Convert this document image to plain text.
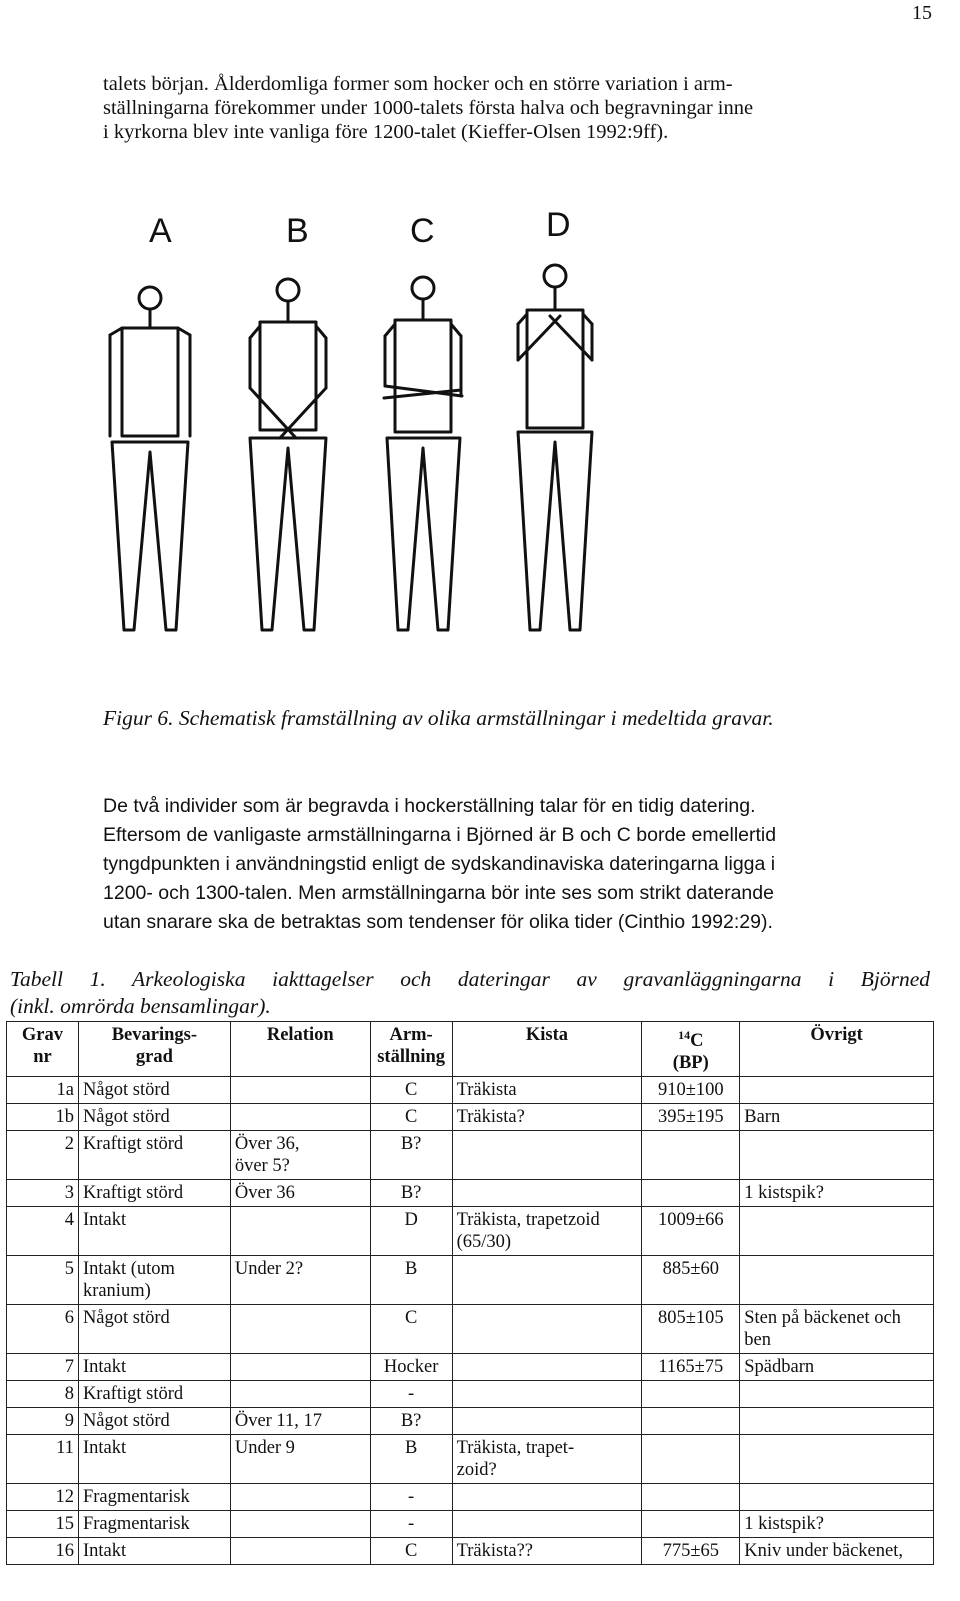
15
talets början. Ålderdomliga former som hocker och en större variation i arm-
ställningarna förekommer under 1000-talets första halva och begravningar inne
i kyrkorna blev inte vanliga före 1200-talet (Kieffer-Olsen 1992:9ff).
A	B	C	D
Figur 6. Schematisk framställning av olika armställningar i medeltida gravar.
De två individer som är begravda i hockerställning talar för en tidig datering.
Eftersom de vanligaste armställningarna i Björned är B och C borde emellertid
tyngdpunkten i användningstid enligt de sydskandinaviska dateringarna ligga i
1200- och 1300-talen. Men armställningarna bör inte ses som strikt daterande
utan snarare ska de betraktas som tendenser för olika tider (Cinthio 1992:29).
Tabell 1. Arkeologiska iakttagelser och dateringar av gravanläggningarna i Björned
(inkl. omrörda bensamlingar).
Grav
nr	Bevarings-
grad	Relation	Arm-
ställning	Kista	$^{14}$C
(BP)	Övrigt
1a	Något störd		C	Träkista	910±100	
1b	Något störd		C	Träkista?	395±195	Barn
2	Kraftigt störd	Över 36,
över 5?	B?			
3	Kraftigt störd	Över 36	B?			1 kistspik?
4	Intakt		D	Träkista, trapetzoid
(65/30)	1009±66	
5	Intakt (utom
kranium)	Under 2?	B		885±60	
6	Något störd		C		805±105	Sten på bäckenet och
ben
7	Intakt		Hocker		1165±75	Spädbarn
8	Kraftigt störd		-			
9	Något störd	Över 11, 17	B?			
11	Intakt	Under 9	B	Träkista, trapet-
zoid?		
12	Fragmentarisk		-			
15	Fragmentarisk		-			1 kistspik?
16	Intakt		C	Träkista??	775±65	Kniv under bäckenet,
